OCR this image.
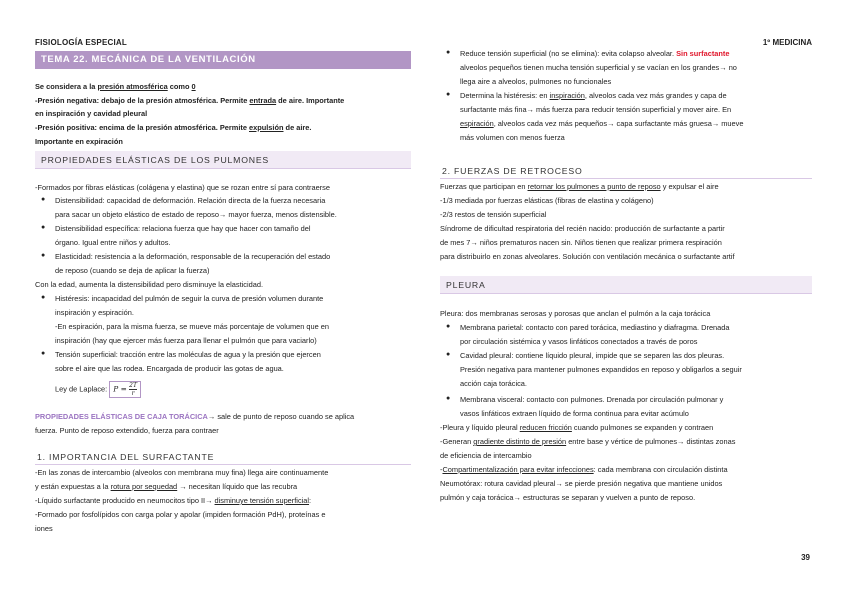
FISIOLOGÍA ESPECIAL	1º MEDICINA
39
TEMA 22. MECÁNICA DE LA VENTILACIÓN
Se considera a la presión atmosférica como 0
-Presión negativa: debajo de la presión atmosférica. Permite entrada de aire. Importante
en inspiración y cavidad pleural
-Presión positiva: encima de la presión atmosférica. Permite expulsión de aire.
Importante en expiración
PROPIEDADES ELÁSTICAS DE LOS PULMONES
-Formados por fibras elásticas (colágena y elastina) que se rozan entre sí para contraerse
● Distensibilidad: capacidad de deformación. Relación directa de la fuerza necesaria
para sacar un objeto elástico de estado de reposo→ mayor fuerza, menos distensible.
● Distensibilidad específica: relaciona fuerza que hay que hacer con tamaño del
órgano. Igual entre niños y adultos.
● Elasticidad: resistencia a la deformación, responsable de la recuperación del estado
de reposo (cuando se deja de aplicar la fuerza)
Con la edad, aumenta la distensibilidad pero disminuye la elasticidad.
● Histéresis: incapacidad del pulmón de seguir la curva de presión volumen durante
inspiración y espiración.
-En espiración, para la misma fuerza, se mueve más porcentaje de volumen que en
inspiración (hay que ejercer más fuerza para llenar el pulmón que para vaciarlo)
● Tensión superficial: tracción entre las moléculas de agua y la presión que ejercen
sobre el aire que las rodea. Encargada de producir las gotas de agua.
Ley de Laplace: $P = \frac{2T}{r}$
PROPIEDADES ELÁSTICAS DE CAJA TORÁCICA→ sale de punto de reposo cuando se aplica
fuerza. Punto de reposo extendido, fuerza para contraer
1. IMPORTANCIA DEL SURFACTANTE
-En las zonas de intercambio (alveolos con membrana muy fina) llega aire continuamente
y están expuestas a la rotura por sequedad → necesitan líquido que las recubra
-Líquido surfactante producido en neumocitos tipo II→ disminuye tensión superficial:
-Formado por fosfolípidos con carga polar y apolar (impiden formación PdH), proteínas e
iones
● Reduce tensión superficial (no se elimina): evita colapso alveolar. Sin surfactante
alveolos pequeños tienen mucha tensión superficial y se vacían en los grandes→ no
llega aire a alveolos, pulmones no funcionales
● Determina la histéresis: en inspiración, alveolos cada vez más grandes y capa de
surfactante más fina→ más fuerza para reducir tensión superficial y mover aire. En
espiración, alveolos cada vez más pequeños→ capa surfactante más gruesa→ mueve
más volumen con menos fuerza
2. FUERZAS DE RETROCESO
Fuerzas que participan en retornar los pulmones a punto de reposo y expulsar el aire
-1/3 mediada por fuerzas elásticas (fibras de elastina y colágeno)
-2/3 restos de tensión superficial
Síndrome de dificultad respiratoria del recién nacido: producción de surfactante a partir
de mes 7→ niños prematuros nacen sin. Niños tienen que realizar primera respiración
para distribuirlo en zonas alveolares. Solución con ventilación mecánica o surfactante artif
PLEURA
Pleura: dos membranas serosas y porosas que anclan el pulmón a la caja torácica
● Membrana parietal: contacto con pared torácica, mediastino y diafragma. Drenada
por circulación sistémica y vasos linfáticos conectados a través de poros
● Cavidad pleural: contiene líquido pleural, impide que se separen las dos pleuras.
Presión negativa para mantener pulmones expandidos en reposo y obligarlos a seguir
acción caja torácica.
● Membrana visceral: contacto con pulmones. Drenada por circulación pulmonar y
vasos linfáticos extraen líquido de forma continua para evitar acúmulo
-Pleura y líquido pleural reducen fricción cuando pulmones se expanden y contraen
-Generan gradiente distinto de presión entre base y vértice de pulmones→ distintas zonas
de eficiencia de intercambio
-Compartimentalización para evitar infecciones: cada membrana con circulación distinta
Neumotórax: rotura cavidad pleural→ se pierde presión negativa que mantiene unidos
pulmón y caja torácica→ estructuras se separan y vuelven a punto de reposo.
